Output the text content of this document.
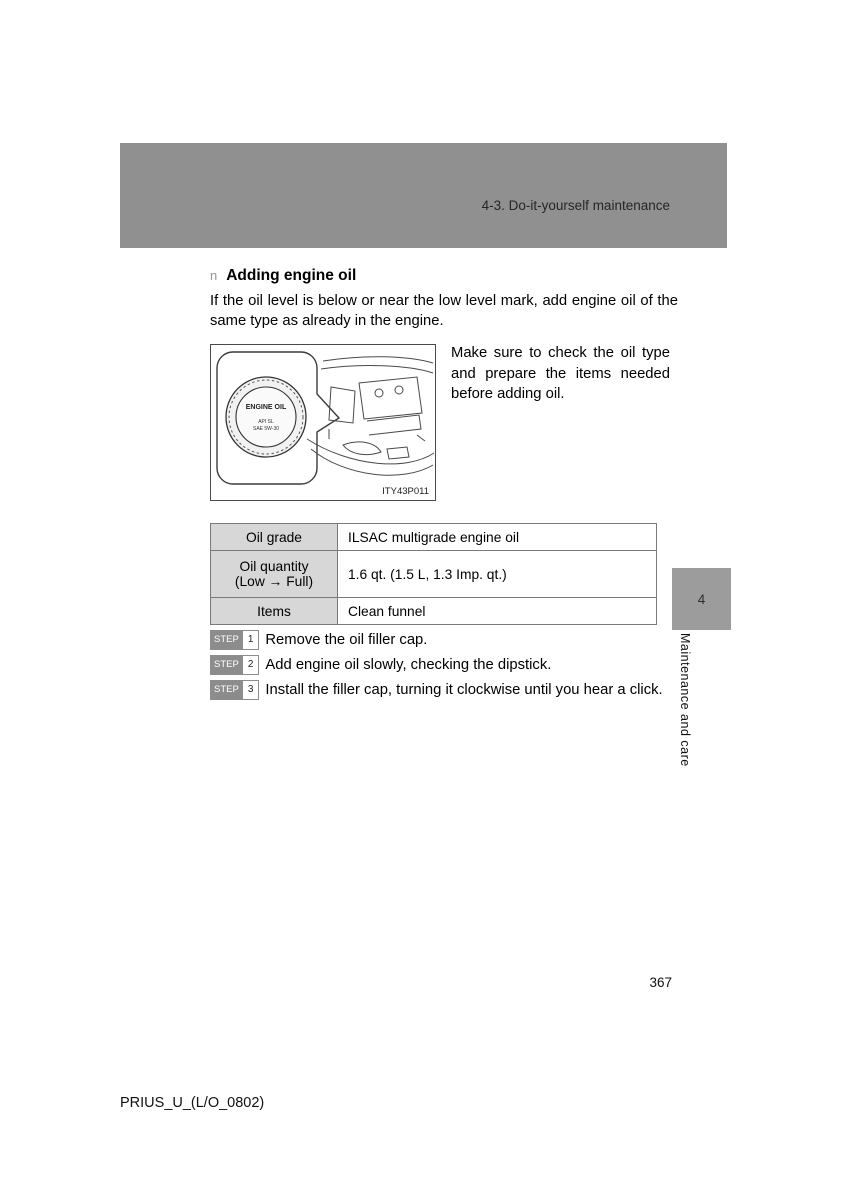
4-3. Do-it-yourself maintenance
n Adding engine oil
If the oil level is below or near the low level mark, add engine oil of the same type as already in the engine.
ENGINE OIL
API SL
SAE 5W-30
ITY43P011
Make sure to check the oil type and prepare the items needed before adding oil.
Oil grade	ILSAC multigrade engine oil

Oil quantity
(Low → Full)	1.6 qt. (1.5 L, 1.3 Imp. qt.)
Items	Clean funnel
STEP 1 Remove the oil filler cap.
STEP 2 Add engine oil slowly, checking the dipstick.
STEP 3 Install the filler cap, turning it clockwise until you hear a click.
4
Maintenance and care
367
PRIUS_U_(L/O_0802)
